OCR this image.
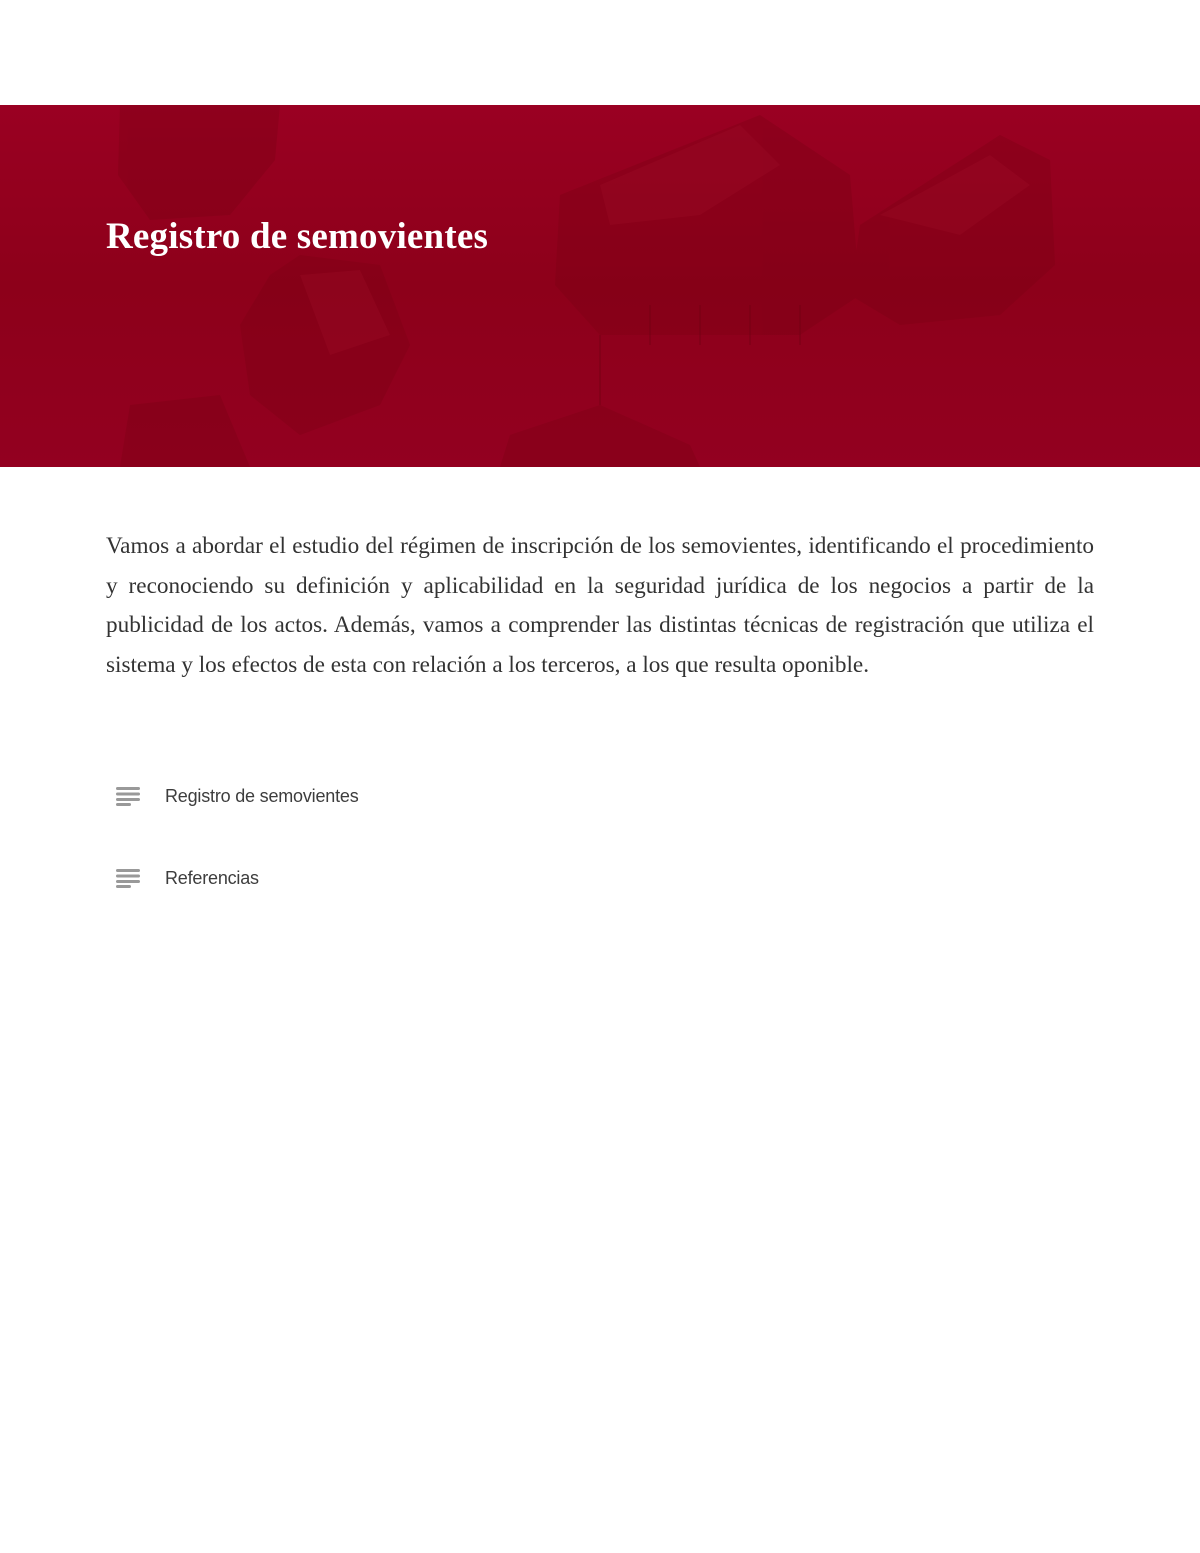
Registro de semovientes

Vamos a abordar el estudio del régimen de inscripción de los semovientes, identificando el procedimiento y reconociendo su definición y aplicabilidad en la seguridad jurídica de los negocios a partir de la publicidad de los actos. Además, vamos a comprender las distintas técnicas de registración que utiliza el sistema y los efectos de esta con relación a los terceros, a los que resulta oponible.

Registro de semovientes
Referencias
